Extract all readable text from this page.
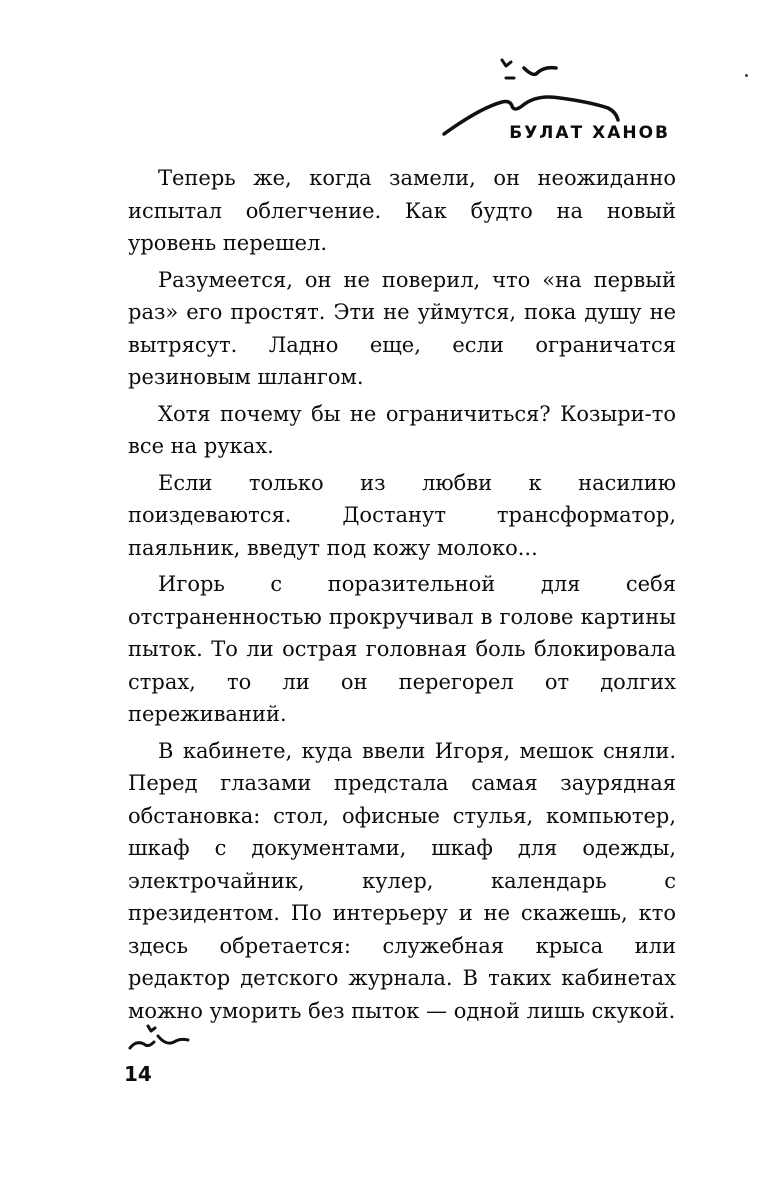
БУЛАТ ХАНОВ

Теперь же, когда замели, он неожиданно испытал облегчение. Как будто на новый уровень перешел.

Разумеется, он не поверил, что «на первый раз» его простят. Эти не уймутся, пока душу не вытрясут. Ладно еще, если ограничатся резиновым шлангом.

Хотя почему бы не ограничиться? Козыри-то все на руках.

Если только из любви к насилию поиздеваются. Достанут трансформатор, паяльник, введут под кожу молоко...

Игорь с поразительной для себя отстраненностью прокручивал в голове картины пыток. То ли острая головная боль блокировала страх, то ли он перегорел от долгих переживаний.

В кабинете, куда ввели Игоря, мешок сняли. Перед глазами предстала самая заурядная обстановка: стол, офисные стулья, компьютер, шкаф с документами, шкаф для одежды, электрочайник, кулер, календарь с президентом. По интерьеру и не скажешь, кто здесь обретается: служебная крыса или редактор детского журнала. В таких кабинетах можно уморить без пыток — одной лишь скукой.

14
